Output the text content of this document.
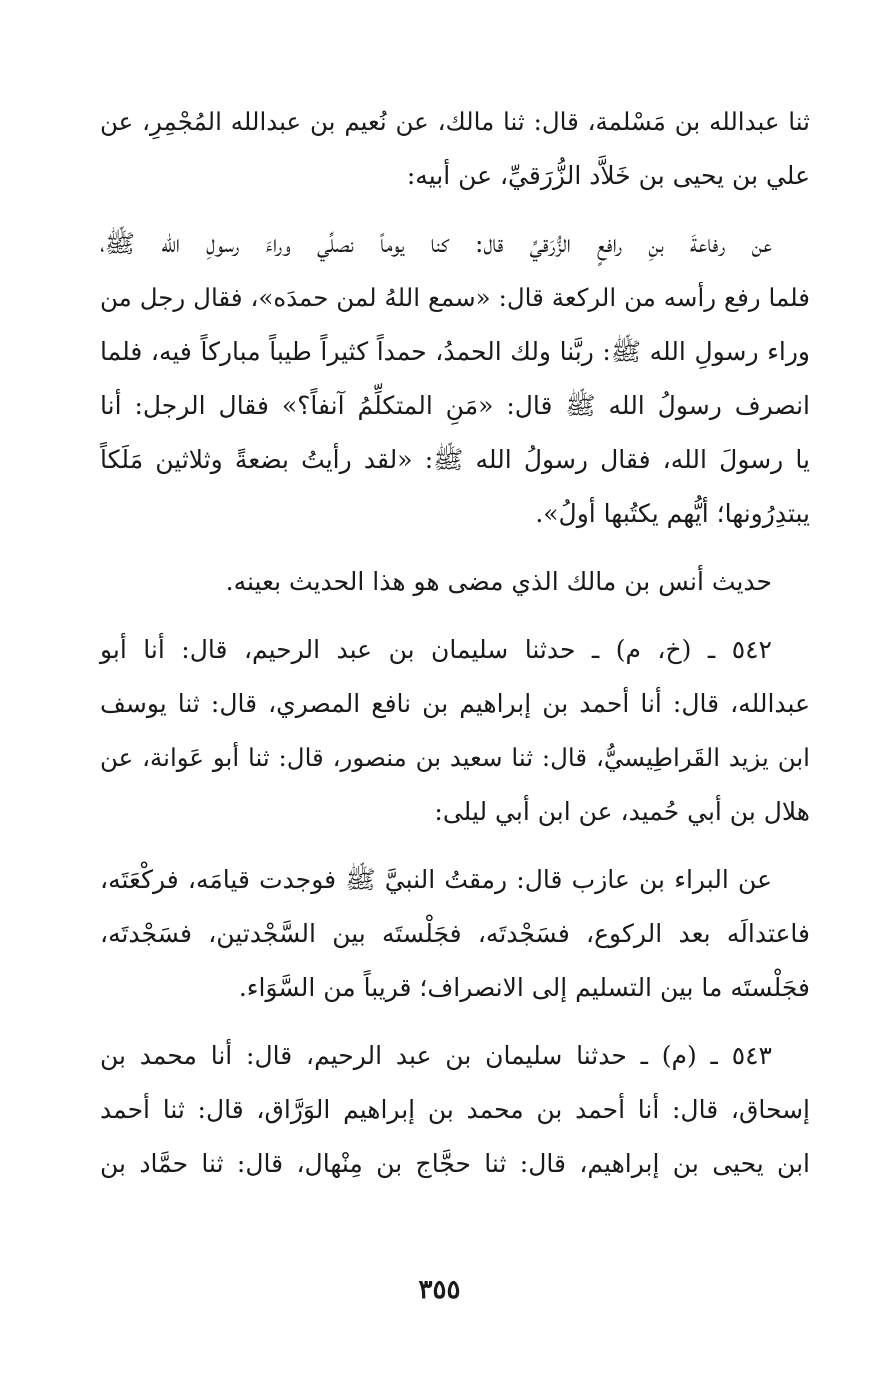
ثنا عبدالله بن مَسْلمة، قال: ثنا مالك، عن نُعيم بن عبدالله المُجْمِرِ، عن
علي بن يحيى بن خَلاَّد الزُّرَقيِّ، عن أبيه:
عن رفاعةَ بنِ رافعٍ الزُّرَقيِّ قال: كنا يوماً نصلِّي وراءَ رسولِ الله ﷺ،
فلما رفع رأسه من الركعة قال: «سمع اللهُ لمن حمدَه»، فقال رجل من
وراء رسولِ الله ﷺ: ربَّنا ولك الحمدُ، حمداً كثيراً طيباً مباركاً فيه، فلما
انصرف رسولُ الله ﷺ قال: «مَنِ المتكلِّمُ آنفاً؟» فقال الرجل: أنا
يا رسولَ الله، فقال رسولُ الله ﷺ: «لقد رأيتُ بضعةً وثلاثين مَلَكاً
يبتدِرُونها؛ أيُّهم يكتُبها أولُ».
حديث أنس بن مالك الذي مضى هو هذا الحديث بعينه.
٥٤٢ ـ (خ، م) ـ حدثنا سليمان بن عبد الرحيم، قال: أنا أبو
عبدالله، قال: أنا أحمد بن إبراهيم بن نافع المصري، قال: ثنا يوسف
ابن يزيد القَراطِيسيُّ، قال: ثنا سعيد بن منصور، قال: ثنا أبو عَوانة، عن
هلال بن أبي حُميد، عن ابن أبي ليلى:
عن البراء بن عازب قال: رمقتُ النبيَّ ﷺ فوجدت قيامَه، فركْعَتَه،
فاعتدالَه بعد الركوع، فسَجْدتَه، فجَلْستَه بين السَّجْدتين، فسَجْدتَه،
فجَلْستَه ما بين التسليم إلى الانصراف؛ قريباً من السَّوَاء.
٥٤٣ ـ (م) ـ حدثنا سليمان بن عبد الرحيم، قال: أنا محمد بن
إسحاق، قال: أنا أحمد بن محمد بن إبراهيم الوَرَّاق، قال: ثنا أحمد
ابن يحيى بن إبراهيم، قال: ثنا حجَّاج بن مِنْهال، قال: ثنا حمَّاد بن
٣٥٥
